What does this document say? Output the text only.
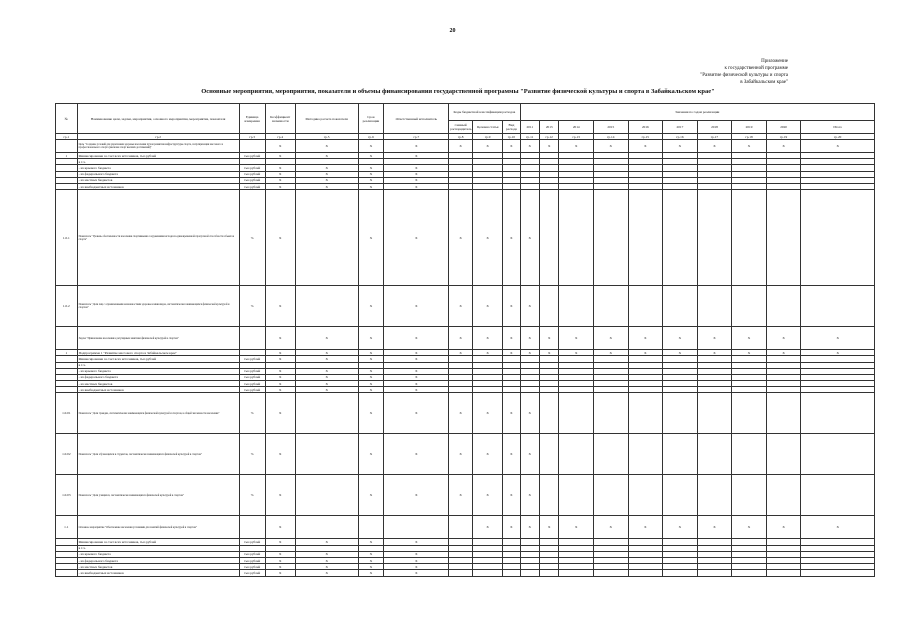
20
Приложение
к государственной программе
"Развитие физической культуры и спорта
в Забайкальском крае"
Основные мероприятия, мероприятия, показатели и объемы финансирования государственной программы "Развитие физической культуры и спорта в Забайкальском крае"
№	Наименование цели, задачи, мероприятия, основного мероприятия, мероприятия, показателя	Единица измерения	Коэффициент значимости	Методика расчета показателя	Срок реализации	Ответственный исполнитель	Коды бюджетной классификации расходов			Значения по годам реализации									
							главный распорядитель	Целевая статья	Вид расхода	2011	2013	2014	2015	2016	2017	2018	2019	2020	Итого
гр.1	гр.2	гр.3	гр.4	гр.5	гр.6	гр.7	гр.8	гр.9	гр.10	гр.11	гр.12	гр.13	гр.14	гр.15	гр.16	гр.17	гр.18	гр.19	гр.20
	Цель "Создание условий для укрепления здоровья населения путем развития инфраструктуры спорта, популяризации массового и профессионального спорта (включая спорт высших достижений)"		X	X	X	X	X	X	X	X	X	X	X	X	X	X	X	X	X
1	Финансирование за счет всех источников, тыс.рублей	тыс.рублей	X	X	X	X													
	в т.ч.																		
	- из краевого бюджета	тыс.рублей	X	X	X	X													
	- из федерального бюджета	тыс.рублей	X	X	X	X													
	- из местных бюджетов	тыс.рублей	X	X	X	X													
	- из внебюджетных источников	тыс.рублей	X	X	X	X													
1.0.1	Показатель "Уровень обеспеченности населения спортивными сооружениями исходя из единовременной пропускной способности объектов спорта"	%	X		X	X	X	X	X	X									
1.0.2	Показатель "Доля лиц с ограниченными возможностями здоровья и инвалидов, систематически занимающихся физической культурой и спортом"	%	X		X	X	X	X	X	X									
	Задача "Привлечение населения к регулярным занятиям физической культурой и спортом"		X	X	X	X	X	X	X	X	X	X	X	X	X	X	X	X	X
1	Подпрограмма 1 "Развитие массового спорта в Забайкальском крае"		X	X	X	X	X	X	X	X	X	X	X	X	X	X	X	X	X
	Финансирование за счет всех источников, тыс.рублей	тыс.рублей	X	X	X	X													
	в т.ч.																		
	- из краевого бюджета	тыс.рублей	X	X	X	X													
	- из федерального бюджета	тыс.рублей	X	X	X	X													
	- из местных бюджетов	тыс.рублей	X	X	X	X													
	- из внебюджетных источников	тыс.рублей	X	X	X	X													
1.0.01	Показатель "Доля граждан, систематически занимающихся физической культурой и спортом, в общей численности населения"	%	X		X	X	X	X	X	X									
1.0.02	Показатель "Доля обучающихся и студентов, систематически занимающихся физической культурой и спортом"	%	X		X	X	X	X	X	X									
1.0.03	Показатель "Доля учащихся, систематически занимающихся физической культурой и спортом"	%	X		X	X	X	X	X	X									
1.1	Основное мероприятие "Обеспечение населения условиями для занятий физической культурой и спортом"		X					X	X	X	X	X	X	X	X	X	X	X	X
	Финансирование за счет всех источников, тыс.рублей	тыс.рублей	X	X	X	X													
	в т.ч.																		
	- из краевого бюджета	тыс.рублей	X	X	X	X													
	- из федерального бюджета	тыс.рублей	X	X	X	X													
	- из местных бюджетов	тыс.рублей	X	X	X	X													
	- из внебюджетных источников	тыс.рублей	X	X	X	X													
